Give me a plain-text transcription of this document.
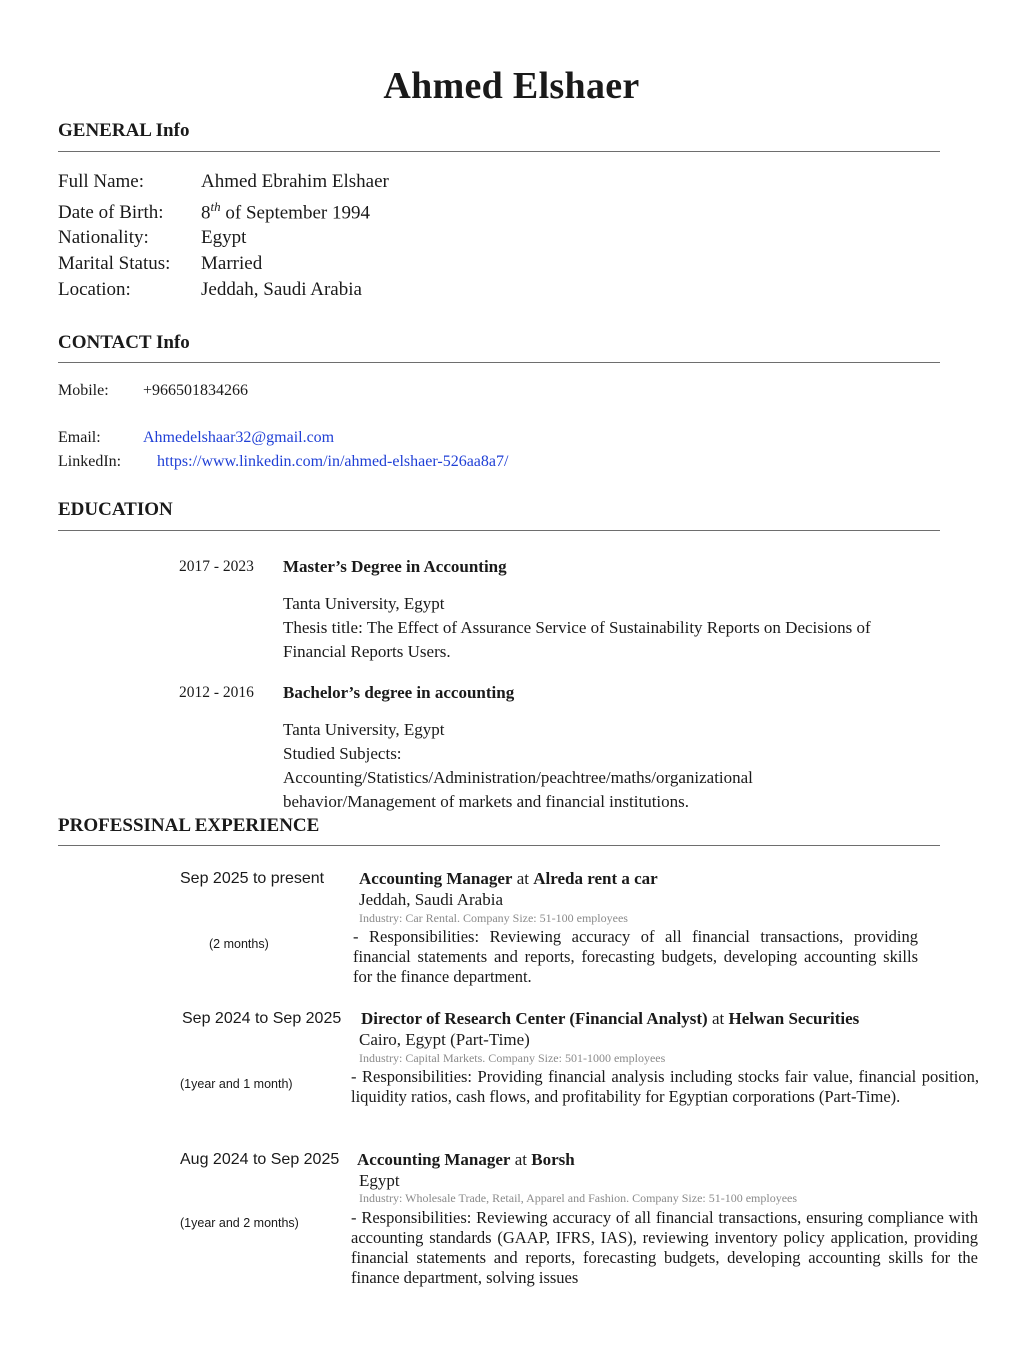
Ahmed Elshaer
GENERAL Info
Full Name:	Ahmed Ebrahim Elshaer
Date of Birth: 8th of September 1994
Nationality:	Egypt
Marital Status: Married
Location:	Jeddah, Saudi Arabia
CONTACT Info
Mobile: +966501834266
Email:	Ahmedelshaar32@gmail.com
LinkedIn: https://www.linkedin.com/in/ahmed-elshaer-526aa8a7/
EDUCATION
2017 - 2023 Master’s Degree in Accounting
Tanta University, Egypt
Thesis title: The Effect of Assurance Service of Sustainability Reports on Decisions of Financial Reports Users.
2012 - 2016 Bachelor’s degree in accounting
Tanta University, Egypt
Studied Subjects:
Accounting/Statistics/Administration/peachtree/maths/organizational behavior/Management of markets and financial institutions.
PROFESSINAL EXPERIENCE
Sep 2025 to present
(2 months)
Accounting Manager at Alreda rent a car
Jeddah, Saudi Arabia
Industry: Car Rental. Company Size: 51-100 employees
- Responsibilities: Reviewing accuracy of all financial transactions, providing financial statements and reports, forecasting budgets, developing accounting skills for the finance department.
Sep 2024 to Sep 2025
(1year and 1 month)
Director of Research Center (Financial Analyst) at Helwan Securities
Cairo, Egypt (Part-Time)
Industry: Capital Markets. Company Size: 501-1000 employees
- Responsibilities: Providing financial analysis including stocks fair value, financial position, liquidity ratios, cash flows, and profitability for Egyptian corporations (Part-Time).
Aug 2024 to Sep 2025
(1year and 2 months)
Accounting Manager at Borsh
Egypt
Industry: Wholesale Trade, Retail, Apparel and Fashion. Company Size: 51-100 employees
- Responsibilities: Reviewing accuracy of all financial transactions, ensuring compliance with accounting standards (GAAP, IFRS, IAS), reviewing inventory policy application, providing financial statements and reports, forecasting budgets, developing accounting skills for the finance department, solving issues
